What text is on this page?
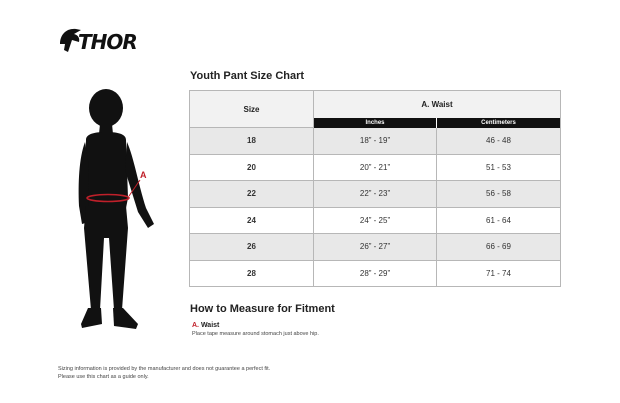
THOR
A
Youth Pant Size Chart
Size	A. Waist
Inches	Centimeters
18	18” - 19”	46 - 48
20	20” - 21”	51 - 53
22	22” - 23”	56 - 58
24	24” - 25”	61 - 64
26	26” - 27”	66 - 69
28	28” - 29”	71 - 74
How to Measure for Fitment
A. Waist
Place tape measure around stomach just above hip.
Sizing information is provided by the manufacturer and does not guarantee a perfect fit.
Please use this chart as a guide only.
